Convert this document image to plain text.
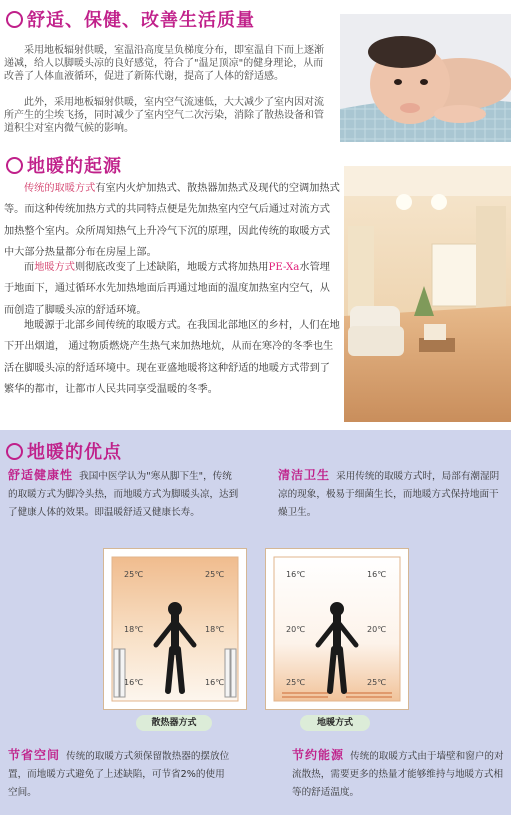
舒适、保健、改善生活质量
采用地板辐射供暖，室温沿高度呈负梯度分布，即室温自下而上逐渐递减，给人以脚暖头凉的良好感觉，符合了"温足顶凉"的健身理论，从而改善了人体血液循环，促进了新陈代谢，提高了人体的舒适感。
此外，采用地板辐射供暖，室内空气流速低，大大减少了室内因对流所产生的尘埃飞扬，同时减少了室内空气二次污染，消除了散热设备和管道积尘对室内微气候的影响。
地暖的起源
传统的取暖方式有室内火炉加热式、散热器加热式及现代的空调加热式等。而这种传统加热方式的共同特点便是先加热室内空气后通过对流方式加热整个室内。众所周知热气上升冷气下沉的原理，因此传统的取暖方式中大部分热量都分布在房屋上部。
而地暖方式则彻底改变了上述缺陷，地暖方式将加热用PE-Xa水管埋于地面下，通过循环水先加热地面后再通过地面的温度加热室内空气，从而创造了脚暖头凉的舒适环境。
地暖源于北部乡间传统的取暖方式。在我国北部地区的乡村，人们在地下开出烟道， 通过物质燃烧产生热气来加热地炕，从而在寒冷的冬季也生活在脚暖头凉的舒适环境中。现在亚盛地暖将这种舒适的地暖方式带到了繁华的都市，让都市人民共同享受温暖的冬季。
地暖的优点
舒适健康性 我国中医学认为"寒从脚下生"，传统的取暖方式为脚冷头热，而地暖方式为脚暖头凉，达到了健康人体的效果。即温暖舒适又健康长寿。
清洁卫生 采用传统的取暖方式时，局部有潮湿阴凉的现象，极易于细菌生长，而地暖方式保持地面干燥卫生。
25℃	25℃
18℃	18℃
16℃	16℃
散热器方式
16℃	16℃
20℃	20℃
25℃	25℃
地暖方式
节省空间 传统的取暖方式须保留散热器的摆放位置，而地暖方式避免了上述缺陷，可节省2%的使用空间。
节约能源 传统的取暖方式由于墙壁和窗户的对流散热，需要更多的热量才能够维持与地暖方式相等的舒适温度。
